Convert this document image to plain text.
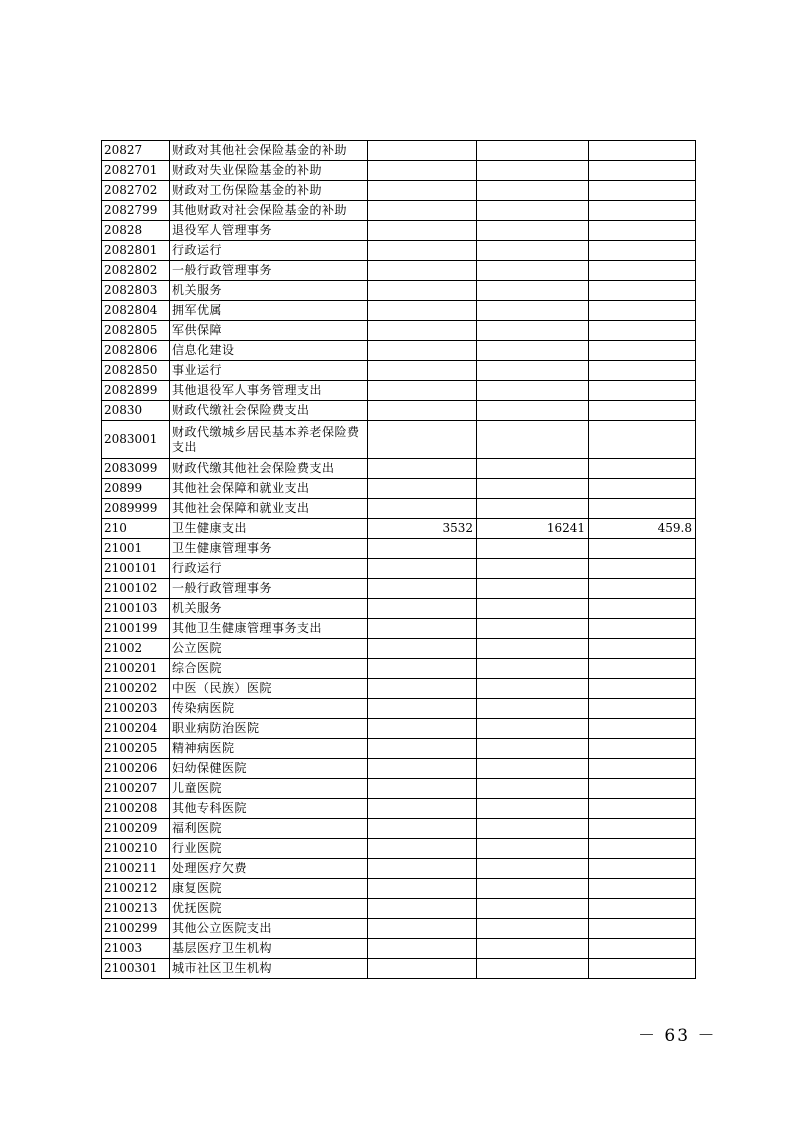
20827	财政对其他社会保险基金的补助			
2082701	财政对失业保险基金的补助			
2082702	财政对工伤保险基金的补助			
2082799	其他财政对社会保险基金的补助			
20828	退役军人管理事务			
2082801	行政运行			
2082802	一般行政管理事务			
2082803	机关服务			
2082804	拥军优属			
2082805	军供保障			
2082806	信息化建设			
2082850	事业运行			
2082899	其他退役军人事务管理支出			
20830	财政代缴社会保险费支出			
2083001	财政代缴城乡居民基本养老保险费支出			
2083099	财政代缴其他社会保险费支出			
20899	其他社会保障和就业支出			
2089999	其他社会保障和就业支出			
210	卫生健康支出	3532	16241	459.8
21001	卫生健康管理事务			
2100101	行政运行			
2100102	一般行政管理事务			
2100103	机关服务			
2100199	其他卫生健康管理事务支出			
21002	公立医院			
2100201	综合医院			
2100202	中医（民族）医院			
2100203	传染病医院			
2100204	职业病防治医院			
2100205	精神病医院			
2100206	妇幼保健医院			
2100207	儿童医院			
2100208	其他专科医院			
2100209	福利医院			
2100210	行业医院			
2100211	处理医疗欠费			
2100212	康复医院			
2100213	优抚医院			
2100299	其他公立医院支出			
21003	基层医疗卫生机构			
2100301	城市社区卫生机构			
－ 63 －
